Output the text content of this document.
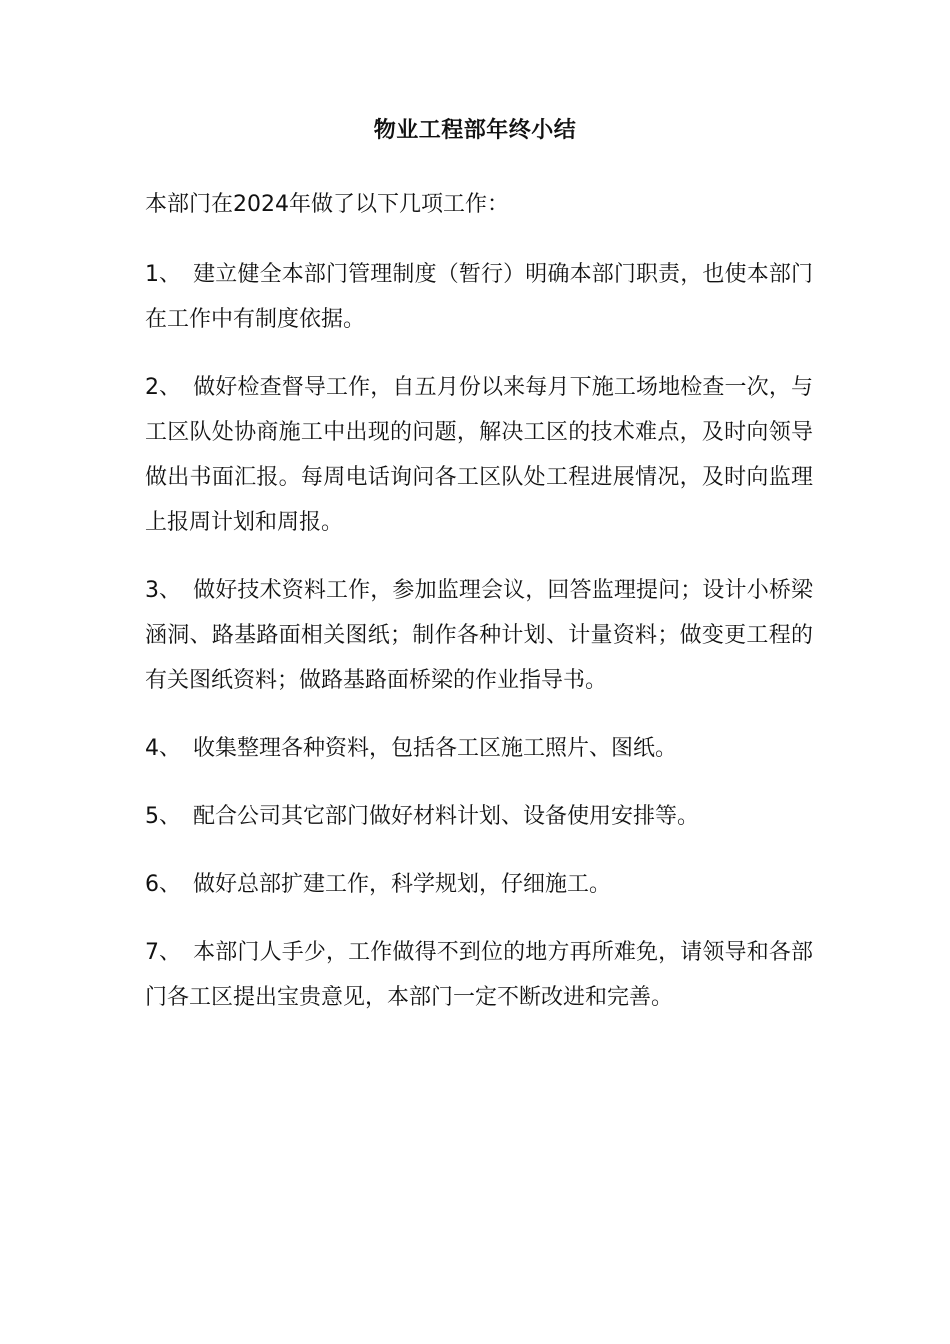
物业工程部年终小结

本部门在2024年做了以下几项工作：

1、 建立健全本部门管理制度（暂行）明确本部门职责，也使本部门在工作中有制度依据。

2、 做好检查督导工作，自五月份以来每月下施工场地检查一次，与工区队处协商施工中出现的问题，解决工区的技术难点，及时向领导做出书面汇报。每周电话询问各工区队处工程进展情况，及时向监理上报周计划和周报。

3、 做好技术资料工作，参加监理会议，回答监理提问；设计小桥梁涵洞、路基路面相关图纸；制作各种计划、计量资料；做变更工程的有关图纸资料；做路基路面桥梁的作业指导书。

4、 收集整理各种资料，包括各工区施工照片、图纸。

5、 配合公司其它部门做好材料计划、设备使用安排等。

6、 做好总部扩建工作，科学规划，仔细施工。

7、 本部门人手少，工作做得不到位的地方再所难免，请领导和各部门各工区提出宝贵意见，本部门一定不断改进和完善。
